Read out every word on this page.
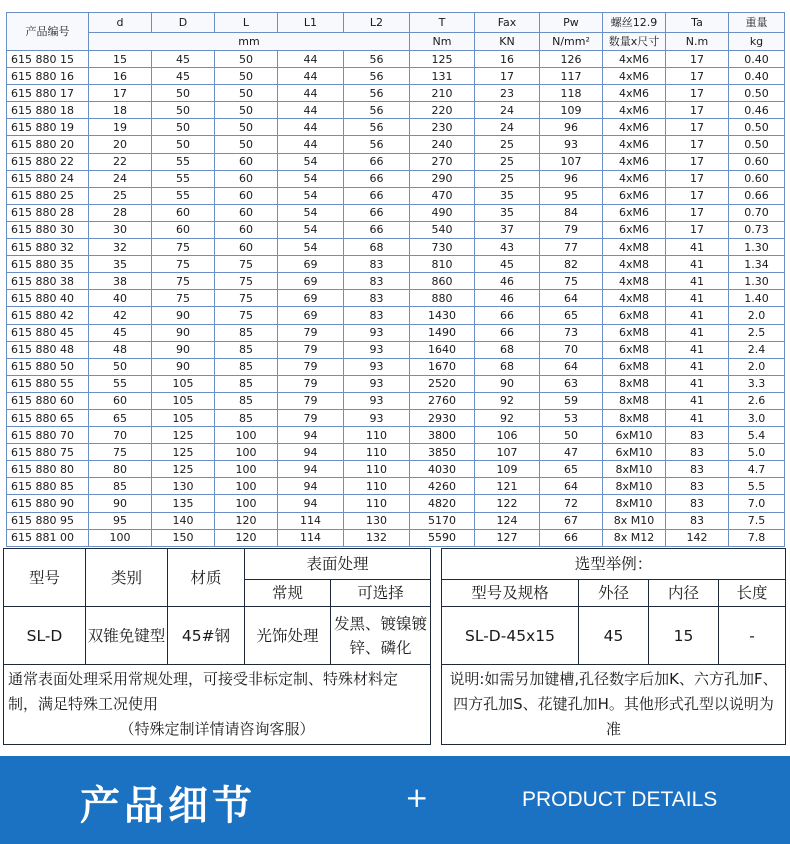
产品编号	d	D	L	L1	L2	T	Fax	Pw	螺丝12.9	Ta	重量
	mm					Nm	KN	N/mm²	数量x尺寸	N.m	kg
615 880 15	15	45	50	44	56	125	16	126	4xM6	17	0.40
615 880 16	16	45	50	44	56	131	17	117	4xM6	17	0.40
615 880 17	17	50	50	44	56	210	23	118	4xM6	17	0.50
615 880 18	18	50	50	44	56	220	24	109	4xM6	17	0.46
615 880 19	19	50	50	44	56	230	24	96	4xM6	17	0.50
615 880 20	20	50	50	44	56	240	25	93	4xM6	17	0.50
615 880 22	22	55	60	54	66	270	25	107	4xM6	17	0.60
615 880 24	24	55	60	54	66	290	25	96	4xM6	17	0.60
615 880 25	25	55	60	54	66	470	35	95	6xM6	17	0.66
615 880 28	28	60	60	54	66	490	35	84	6xM6	17	0.70
615 880 30	30	60	60	54	66	540	37	79	6xM6	17	0.73
615 880 32	32	75	60	54	68	730	43	77	4xM8	41	1.30
615 880 35	35	75	75	69	83	810	45	82	4xM8	41	1.34
615 880 38	38	75	75	69	83	860	46	75	4xM8	41	1.30
615 880 40	40	75	75	69	83	880	46	64	4xM8	41	1.40
615 880 42	42	90	75	69	83	1430	66	65	6xM8	41	2.0
615 880 45	45	90	85	79	93	1490	66	73	6xM8	41	2.5
615 880 48	48	90	85	79	93	1640	68	70	6xM8	41	2.4
615 880 50	50	90	85	79	93	1670	68	64	6xM8	41	2.0
615 880 55	55	105	85	79	93	2520	90	63	8xM8	41	3.3
615 880 60	60	105	85	79	93	2760	92	59	8xM8	41	2.6
615 880 65	65	105	85	79	93	2930	92	53	8xM8	41	3.0
615 880 70	70	125	100	94	110	3800	106	50	6xM10	83	5.4
615 880 75	75	125	100	94	110	3850	107	47	6xM10	83	5.0
615 880 80	80	125	100	94	110	4030	109	65	8xM10	83	4.7
615 880 85	85	130	100	94	110	4260	121	64	8xM10	83	5.5
615 880 90	90	135	100	94	110	4820	122	72	8xM10	83	7.0
615 880 95	95	140	120	114	130	5170	124	67	8x M10	83	7.5
615 881 00	100	150	120	114	132	5590	127	66	8x M12	142	7.8
型号	类别	材质	表面处理	
			常规	可选择
SL-D	双锥免键型	45#钢	光饰处理	发黑、镀镍镀锌、磷化

通常表面处理采用常规处理，可接受非标定制、特殊材料定制，满足特殊工况使用
（特殊定制详情请咨询客服）				
选型举例：			
型号及规格	外径	内径	长度
SL-D-45x15	45	15	-
说明:如需另加键槽,孔径数字后加K、六方孔加F、四方孔加S、花键孔加H。其他形式孔型以说明为准			
产品细节	+	PRODUCT DETAILS
